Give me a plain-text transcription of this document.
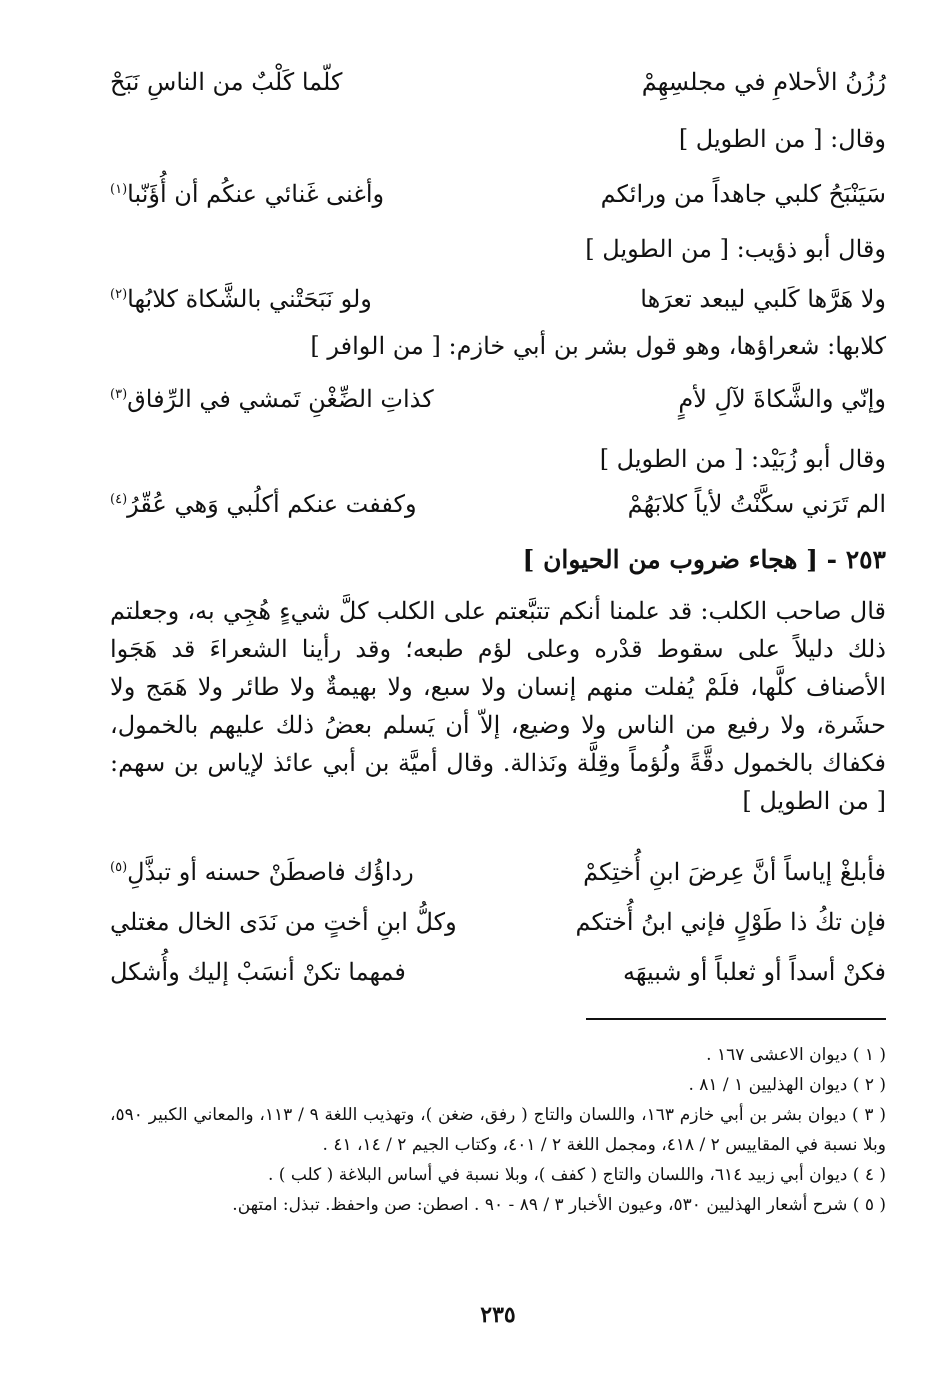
رُزُنُ الأحلامِ في مجلسِهِمْ
كلّما كَلْبٌ من الناسِ نَبَحْ
وقال: [ من الطويل ]
سَيَنْبَحُ كلبي جاهداً من ورائكم
وأغنى غَنائي عنكُم أن أُؤَنّبا$^{(١)}$
وقال أبو ذؤيب: [ من الطويل ]
ولا هَرَّها كَلبي ليبعد تعرَها
ولو نَبَحَتْني بالشَّكاة كلابُها$^{(٢)}$
كلابها: شعراؤها، وهو قول بشر بن أبي خازم: [ من الوافر ]
وإنّي والشَّكاةَ لآلِ لأمٍ
كذاتِ الضِّغْنِ تَمشي في الرِّفاق$^{(٣)}$
وقال أبو زُبَيْد: [ من الطويل ]
الم تَرَني سكَّنْتُ لأياً كلابَهُمْ
وكففت عنكم أكلُبي وَهي عُقّرُ$^{(٤)}$
٢٥٣ - [ هجاء ضروب من الحيوان ]
قال صاحب الكلب: قد علمنا أنكم تتبَّعتم على الكلب كلَّ شيءٍ هُجِي به، وجعلتم ذلك دليلاً على سقوط قدْره وعلى لؤم طبعه؛ وقد رأينا الشعراءَ قد هَجَوا الأصناف كلَّها، فلَمْ يُفلت منهم إنسان ولا سبع، ولا بهيمةٌ ولا طائر ولا هَمَج ولا حشَرة، ولا رفيع من الناس ولا وضيع، إلاّ أن يَسلم بعضُ ذلك عليهم بالخمول، فكفاك بالخمول دقَّةً ولُؤماً وقِلَّة ونَذالة. وقال أميَّة بن أبي عائذ لإياس بن سهم: [ من الطويل ]
فأبلغْ إياساً أنَّ عِرضَ ابنِ أُختِكمْ
رداؤُك فاصطَنْ حسنه أو تبذَّلِ$^{(٥)}$
فإن تكُ ذا طَوْلٍ فإني ابنُ أُختكم
وكلُّ ابنِ أختٍ من نَدَى الخال مغتلي
فكنْ أسداً أو ثعلباً أو شبيهَه
فمهما تكنْ أنسَبْ إليك وأُشكل
( ١ ) ديوان الاعشى ١٦٧ .
( ٢ ) ديوان الهذليين ١ / ٨١ .
( ٣ ) ديوان بشر بن أبي خازم ١٦٣، واللسان والتاج ( رفق، ضغن )، وتهذيب اللغة ٩ / ١١٣، والمعاني الكبير ٥٩٠، وبلا نسبة في المقاييس ٢ / ٤١٨، ومجمل اللغة ٢ / ٤٠١، وكتاب الجيم ٢ / ١٤، ٤١ .
( ٤ ) ديوان أبي زبيد ٦١٤، واللسان والتاج ( كفف )، وبلا نسبة في أساس البلاغة ( كلب ) .
( ٥ ) شرح أشعار الهذليين ٥٣٠، وعيون الأخبار ٣ / ٨٩ - ٩٠ . اصطن: صن واحفظ. تبذل: امتهن.
٢٣٥
